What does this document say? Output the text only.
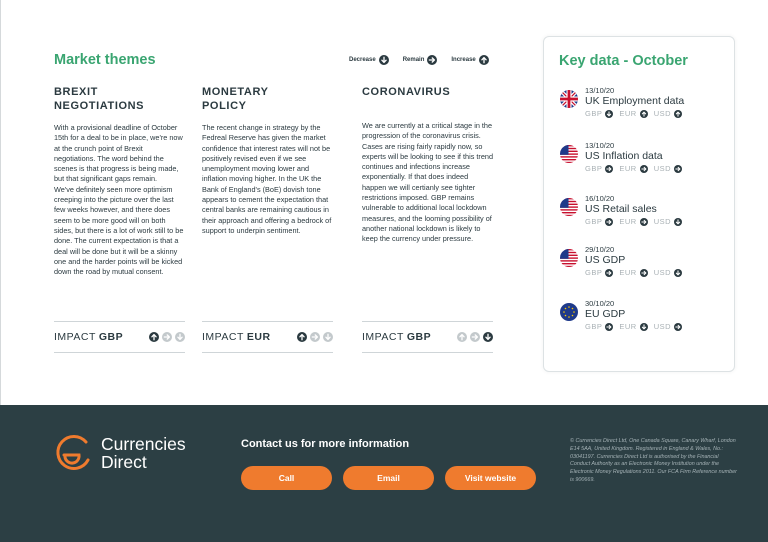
Market themes	Decrease	Remain	Increase
BREXIT
NEGOTIATIONS

With a provisional deadline of October 15th for a deal to be in place, we're now at the crunch point of Brexit negotiations. The word behind the scenes is that progress is being made, but that significant gaps remain.
We've definitely seen more optimism creeping into the picture over the last few weeks however, and there does seem to be more good will on both sides, but there is a lot of work still to be done. The current expectation is that a deal will be done but it will be a skinny one and the harder points will be kicked down the road by mutual consent.

IMPACT GBP
MONETARY
POLICY

The recent change in strategy by the Fedreal Reserve has given the market confidence that interest rates will not be positively revised even if we see unemployment moving lower and inflation moving higher. In the UK the Bank of England's (BoE) dovish tone appears to cement the expectation that central banks are remaining cautious in their approach and offering a bedrock of support to underpin sentiment.

IMPACT EUR
CORONAVIRUS

We are currently at a critical stage in the progression of the coronavirus crisis. Cases are rising fairly rapidly now, so experts will be looking to see if this trend continues and infections increase exponentially. If that does indeed happen we will certianly see tighter restrictions imposed. GBP remains vulnerable to additional local lockdown measures, and the looming possibility of another national lockdown is likely to keep the currency under pressure.

IMPACT GBP
Key data - October
13/10/20
UK Employment data
GBP EUR USD
13/10/20
US Inflation data
GBP EUR USD
16/10/20
US Retail sales
GBP EUR USD
29/10/20
US GDP
GBP EUR USD
30/10/20
EU GDP
GBP EUR USD
Currencies
Direct
Contact us for more information
Call	Email	Visit website
© Currencies Direct Ltd, One Canada Square, Canary Wharf, London E14 5AA, United Kingdom. Registered in England & Wales, No.: 03041197. Currencies Direct Ltd is authorised by the Financial Conduct Authority as an Electronic Money Institution under the Electronic Money Regulations 2011. Our FCA Firm Reference number is 900669.
